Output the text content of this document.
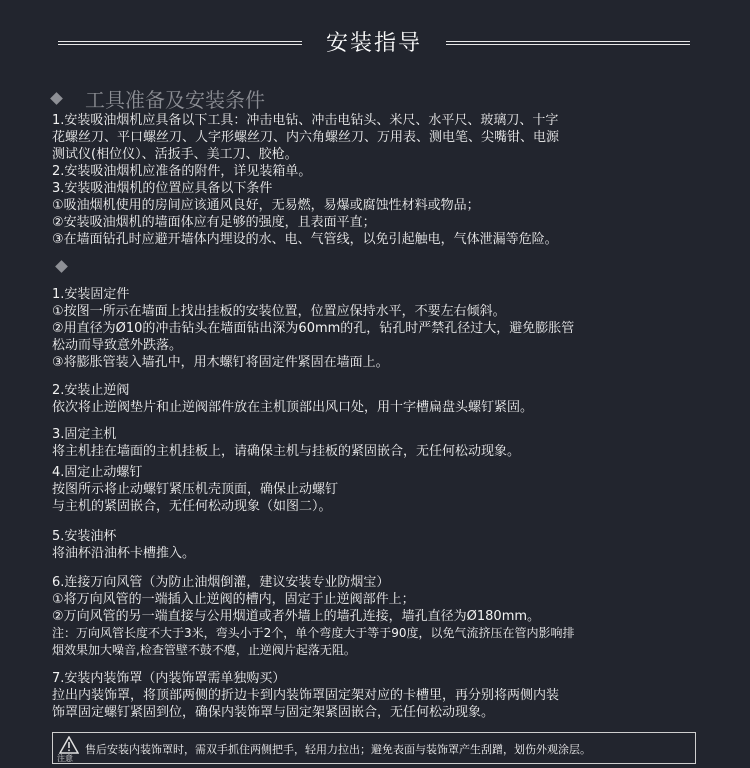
安装指导
工具准备及安装条件
1.安装吸油烟机应具备以下工具：冲击电钻、冲击电钻头、米尺、水平尺、玻璃刀、十字
花螺丝刀、平口螺丝刀、人字形螺丝刀、内六角螺丝刀、万用表、测电笔、尖嘴钳、电源
测试仪(相位仪）、活扳手、美工刀、胶枪。
2.安装吸油烟机应准备的附件，详见装箱单。
3.安装吸油烟机的位置应具备以下条件
①吸油烟机使用的房间应该通风良好，无易燃，易爆或腐蚀性材料或物品；
②安装吸油烟机的墙面体应有足够的强度，且表面平直；
③在墙面钻孔时应避开墙体内埋设的水、电、气管线，以免引起触电，气体泄漏等危险。
1.安装固定件
①按图一所示在墙面上找出挂板的安装位置，位置应保持水平，不要左右倾斜。
②用直径为Ø10的冲击钻头在墙面钻出深为60mm的孔，钻孔时严禁孔径过大，避免膨胀管
松动而导致意外跌落。
③将膨胀管装入墙孔中，用木螺钉将固定件紧固在墙面上。
2.安装止逆阀
依次将止逆阀垫片和止逆阀部件放在主机顶部出风口处，用十字槽扁盘头螺钉紧固。
3.固定主机
将主机挂在墙面的主机挂板上，请确保主机与挂板的紧固嵌合，无任何松动现象。
4.固定止动螺钉
按图所示将止动螺钉紧压机壳顶面，确保止动螺钉
与主机的紧固嵌合，无任何松动现象（如图二）。
5.安装油杯
将油杯沿油杯卡槽推入。
6.连接万向风管（为防止油烟倒灌，建议安装专业防烟宝）
①将万向风管的一端插入止逆阀的槽内，固定于止逆阀部件上；
②万向风管的另一端直接与公用烟道或者外墙上的墙孔连接，墙孔直径为Ø180mm。
注：万向风管长度不大于3米，弯头小于2个，单个弯度大于等于90度，以免气流挤压在管内影响排
烟效果加大噪音,检查管壁不鼓不瘪，止逆阀片起落无阻。
7.安装内装饰罩（内装饰罩需单独购买）
拉出内装饰罩，将顶部两侧的折边卡到内装饰罩固定架对应的卡槽里，再分别将两侧内装
饰罩固定螺钉紧固到位，确保内装饰罩与固定架紧固嵌合，无任何松动现象。
注意
售后安装内装饰罩时，需双手抓住两侧把手，轻用力拉出；避免表面与装饰罩产生刮蹭，划伤外观涂层。
